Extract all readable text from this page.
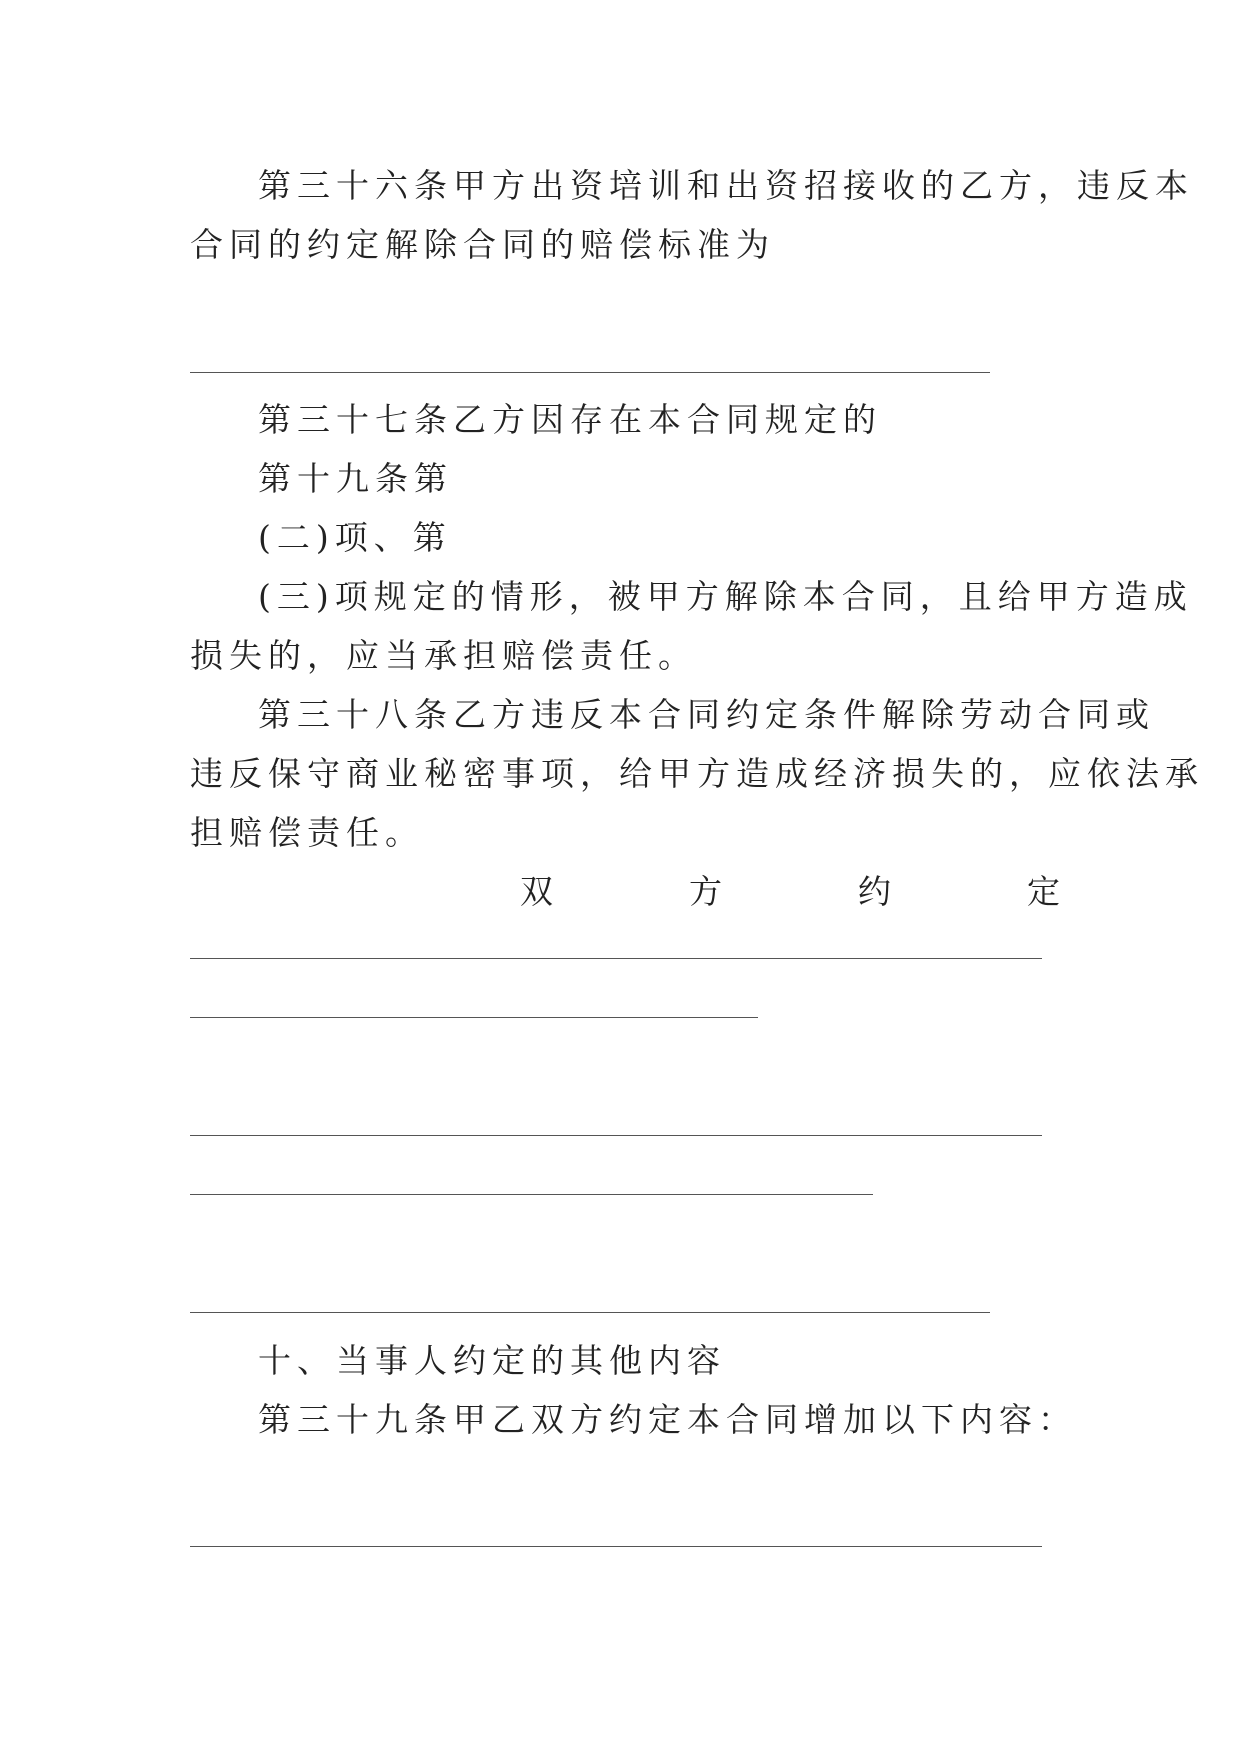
第三十六条甲方出资培训和出资招接收的乙方，违反本
合同的约定解除合同的赔偿标准为
第三十七条乙方因存在本合同规定的
第十九条第
(二)项、第
(三)项规定的情形，被甲方解除本合同，且给甲方造成
损失的，应当承担赔偿责任。
第三十八条乙方违反本合同约定条件解除劳动合同或
违反保守商业秘密事项，给甲方造成经济损失的，应依法承
担赔偿责任。
双	方	约	定
十、当事人约定的其他内容
第三十九条甲乙双方约定本合同增加以下内容：
